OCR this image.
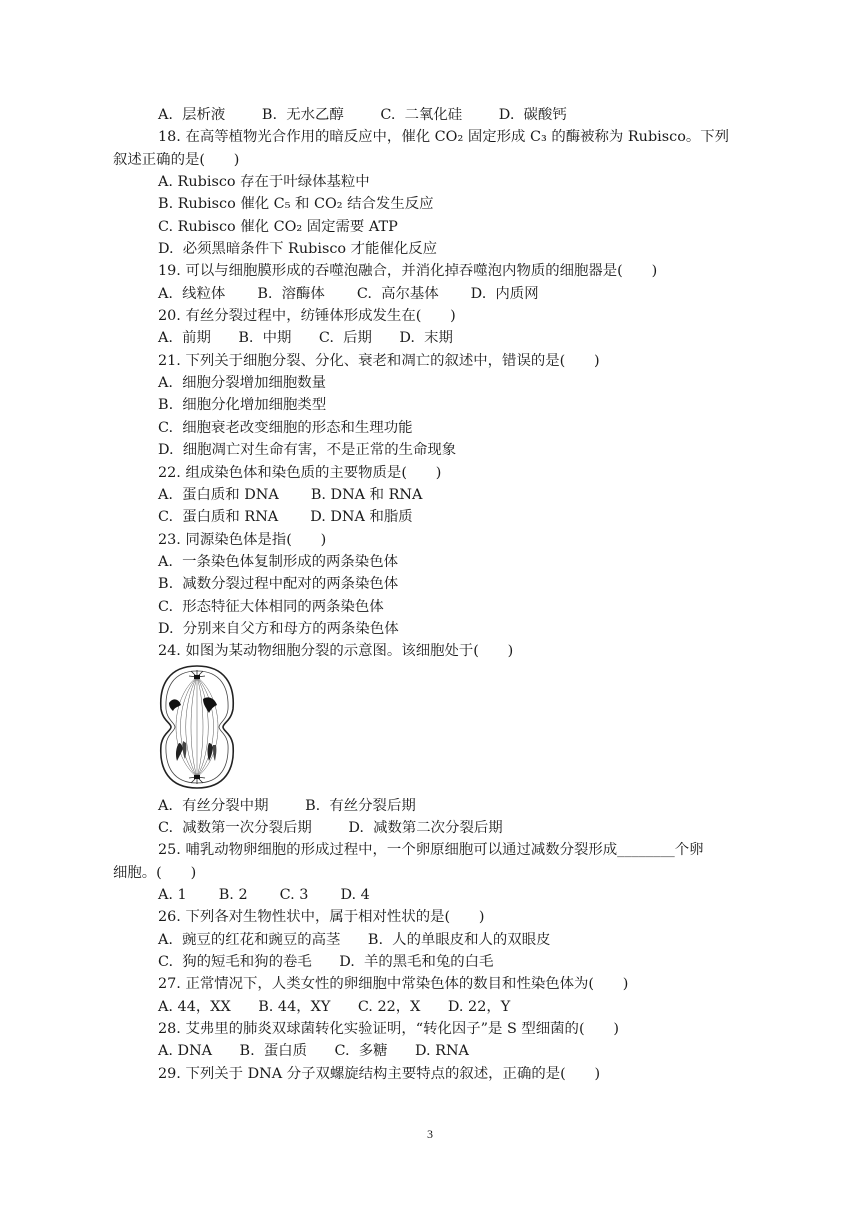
A.  层析液	B.  无水乙醇	C.  二氧化硅	D.  碳酸钙
18. 在高等植物光合作用的暗反应中，催化 CO₂ 固定形成 C₃ 的酶被称为 Rubisco。下列
叙述正确的是(　　)
A. Rubisco 存在于叶绿体基粒中
B. Rubisco 催化 C₅ 和 CO₂ 结合发生反应
C. Rubisco 催化 CO₂ 固定需要 ATP
D.  必须黑暗条件下 Rubisco 才能催化反应
19. 可以与细胞膜形成的吞噬泡融合，并消化掉吞噬泡内物质的细胞器是(　　)
A.  线粒体 B.  溶酶体 C.  高尔基体 D.  内质网
20. 有丝分裂过程中，纺锤体形成发生在(　　)
A.  前期 B.  中期 C.  后期 D.  末期
21. 下列关于细胞分裂、分化、衰老和凋亡的叙述中，错误的是(　　)
A.  细胞分裂增加细胞数量
B.  细胞分化增加细胞类型
C.  细胞衰老改变细胞的形态和生理功能
D.  细胞凋亡对生命有害，不是正常的生命现象
22. 组成染色体和染色质的主要物质是(　　)
A.  蛋白质和 DNA B. DNA 和 RNA
C.  蛋白质和 RNA D. DNA 和脂质
23. 同源染色体是指(　　)
A.  一条染色体复制形成的两条染色体
B.  减数分裂过程中配对的两条染色体
C.  形态特征大体相同的两条染色体
D.  分别来自父方和母方的两条染色体
24. 如图为某动物细胞分裂的示意图。该细胞处于(　　)
A.  有丝分裂中期	B.  有丝分裂后期
C.  减数第一次分裂后期	D.  减数第二次分裂后期
25. 哺乳动物卵细胞的形成过程中，一个卵原细胞可以通过减数分裂形成________个卵
细胞。(　　)
A. 1 B. 2 C. 3 D. 4
26. 下列各对生物性状中，属于相对性状的是(　　)
A.  豌豆的红花和豌豆的高茎 B.  人的单眼皮和人的双眼皮
C.  狗的短毛和狗的卷毛 D.  羊的黑毛和兔的白毛
27. 正常情况下，人类女性的卵细胞中常染色体的数目和性染色体为(　　)
A. 44，XX B. 44，XY C. 22，X D. 22，Y
28. 艾弗里的肺炎双球菌转化实验证明，“转化因子”是 S 型细菌的(　　)
A. DNA B.  蛋白质 C.  多糖 D. RNA
29. 下列关于 DNA 分子双螺旋结构主要特点的叙述，正确的是(　　)
3
